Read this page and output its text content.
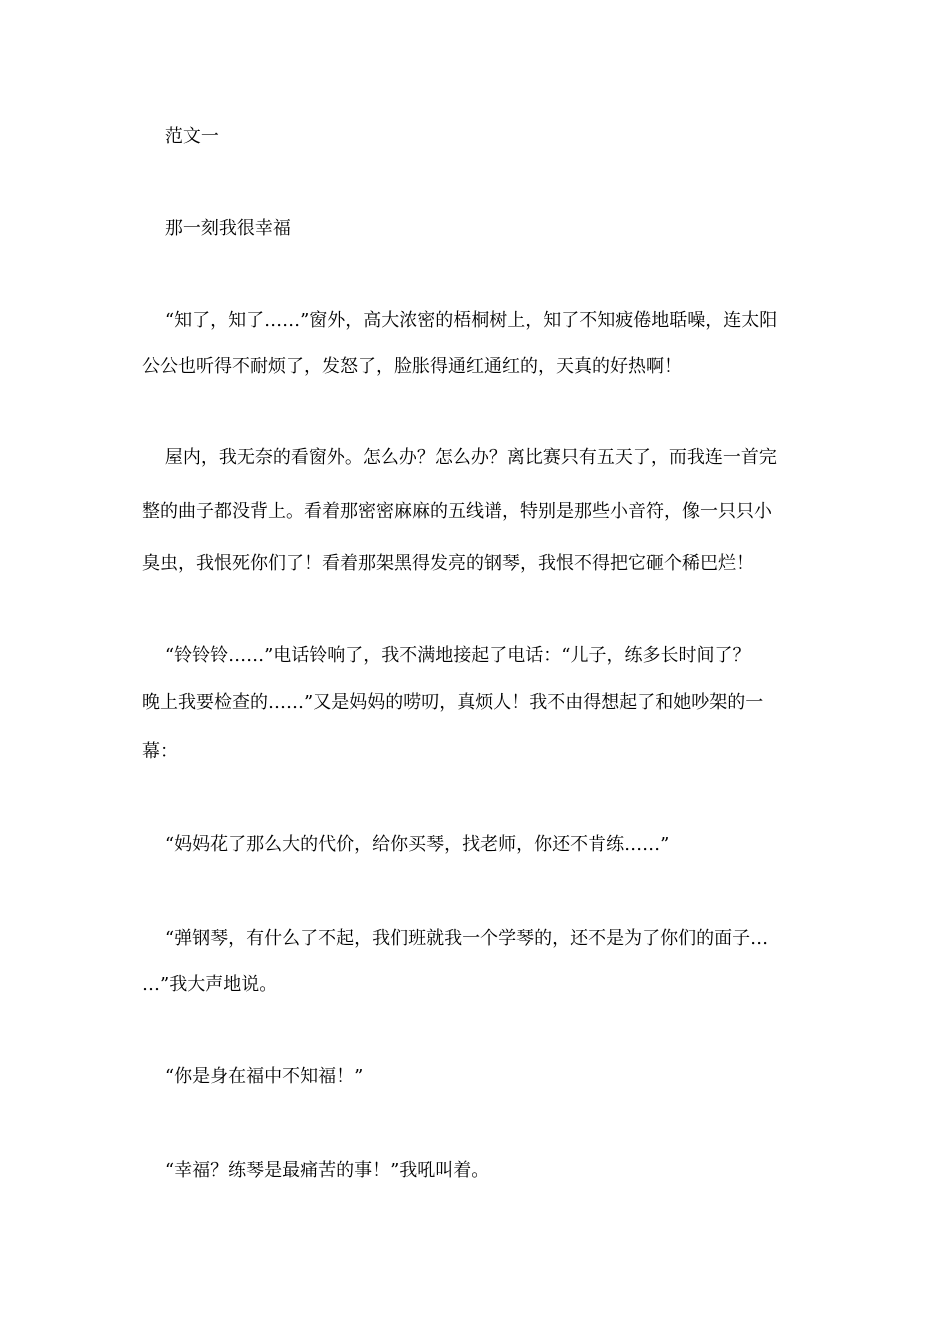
范文一

那一刻我很幸福

“知了，知了……”窗外，高大浓密的梧桐树上，知了不知疲倦地聒噪，连太阳

公公也听得不耐烦了，发怒了，脸胀得通红通红的，天真的好热啊！

屋内，我无奈的看窗外。怎么办？怎么办？离比赛只有五天了，而我连一首完

整的曲子都没背上。看着那密密麻麻的五线谱，特别是那些小音符，像一只只小

臭虫，我恨死你们了！看着那架黑得发亮的钢琴，我恨不得把它砸个稀巴烂！

“铃铃铃……”电话铃响了，我不满地接起了电话：“儿子，练多长时间了？

晚上我要检查的……”又是妈妈的唠叨，真烦人！我不由得想起了和她吵架的一

幕：

“妈妈花了那么大的代价，给你买琴，找老师，你还不肯练……”

“弹钢琴，有什么了不起，我们班就我一个学琴的，还不是为了你们的面子…

…”我大声地说。

“你是身在福中不知福！”

“幸福？练琴是最痛苦的事！”我吼叫着。
